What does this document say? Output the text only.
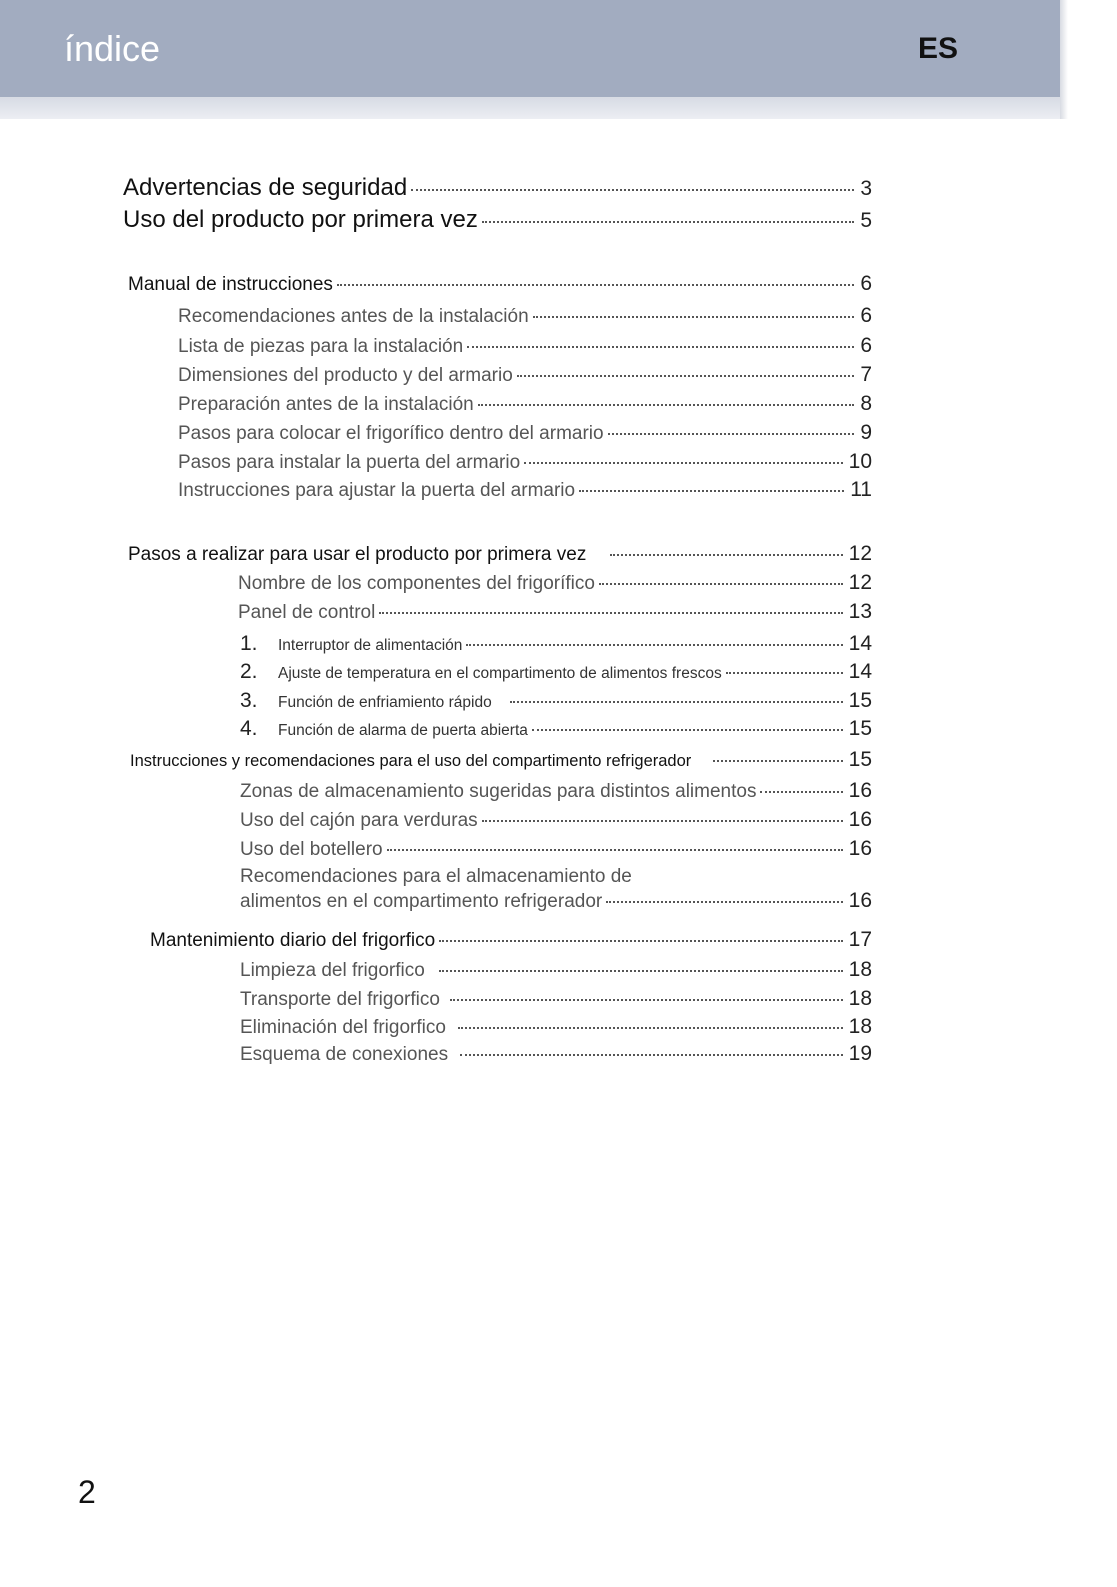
índice	ES
Advertencias de seguridad	3
Uso del producto por primera vez	5
Manual de instrucciones	6
Recomendaciones antes de la instalación	6
Lista de piezas para la instalación	6
Dimensiones del producto y del armario	7
Preparación antes de la instalación	8
Pasos para colocar el frigorífico dentro del armario	9
Pasos para instalar la puerta del armario	10
Instrucciones para ajustar la puerta del armario	11
Pasos a realizar para usar el producto por primera vez	12
Nombre de los componentes del frigorífico	12
Panel de control	13
1.	Interruptor de alimentación	14
2.	Ajuste de temperatura en el compartimento de alimentos frescos	14
3.	Función de enfriamiento rápido	15
4.	Función de alarma de puerta abierta	15
Instrucciones y recomendaciones para el uso del compartimento refrigerador	15
Zonas de almacenamiento sugeridas para distintos alimentos	16
Uso del cajón para verduras	16
Uso del botellero	16
Recomendaciones para el almacenamiento de
alimentos en el compartimento refrigerador	16
Mantenimiento diario del frigorfico	17
Limpieza del frigorfico	18
Transporte del frigorfico	18
Eliminación del frigorfico	18
Esquema de conexiones	19
2
